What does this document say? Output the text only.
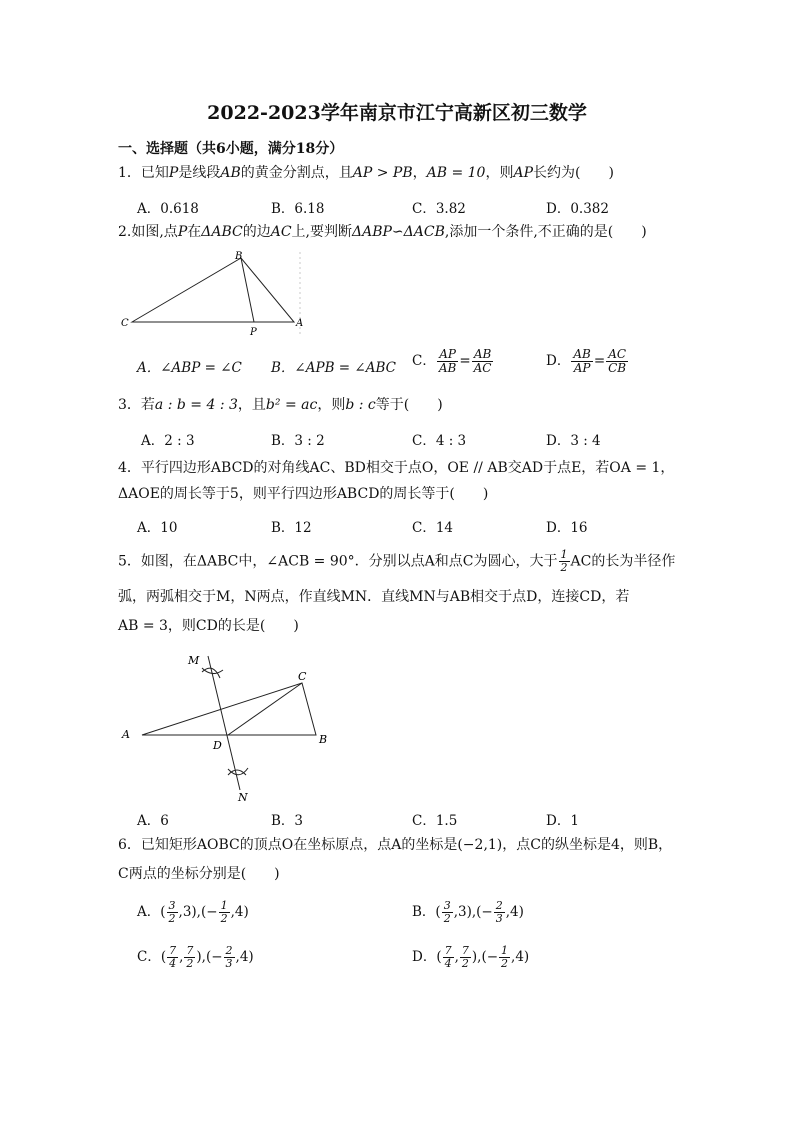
2022-2023学年南京市江宁高新区初三数学
一、选择题（共6小题，满分18分）
1．已知P是线段AB的黄金分割点，且AP > PB，AB = 10，则AP长约为(　　)
A．0.618	B．6.18	C．3.82	D．0.382
2.如图,点P在ΔABC的边AC上,要判断ΔABP∽ΔACB,添加一个条件,不正确的是(　　)
B
C
P
A
A．∠ABP = ∠C B．∠APB = ∠ABC C． $\frac{AP}{AB} = \frac{AB}{AC}$	D． $\frac{AB}{AP} = \frac{AC}{CB}$
3．若a : b = 4 : 3，且b² = ac，则b : c等于(　　)
A．2 : 3	B．3 : 2	C．4 : 3	D．3 : 4
4．平行四边形ABCD的对角线AC、BD相交于点O，OE // AB交AD于点E，若OA = 1，
ΔAOE的周长等于5，则平行四边形ABCD的周长等于(　　)
A．10	B．12	C．14	D．16
5．如图，在ΔABC中，∠ACB = 90°．分别以点A和点C为圆心，大于 $\frac{1}{2}$ AC的长为半径作
弧，两弧相交于M，N两点，作直线MN．直线MN与AB相交于点D，连接CD，若
AB = 3，则CD的长是(　　)
M
C
A
D	B
N
A．6	B．3	C．1.5	D．1
6．已知矩形AOBC的顶点O在坐标原点，点A的坐标是(−2,1)，点C的纵坐标是4，则B，
C两点的坐标分别是(　　)
A．( $\frac{3}{2} ,3),(- \frac{1}{2} ,4)$	B．( $\frac{3}{2} ,3),(- \frac{2}{3} ,4)$
C．( $\frac{7}{4}$ , $\frac{7}{2}$ ),(− $\frac{2}{3} ,4$)	D．( $\frac{7}{4}$ , $\frac{7}{2}$ ),(− $\frac{1}{2} ,4$)
